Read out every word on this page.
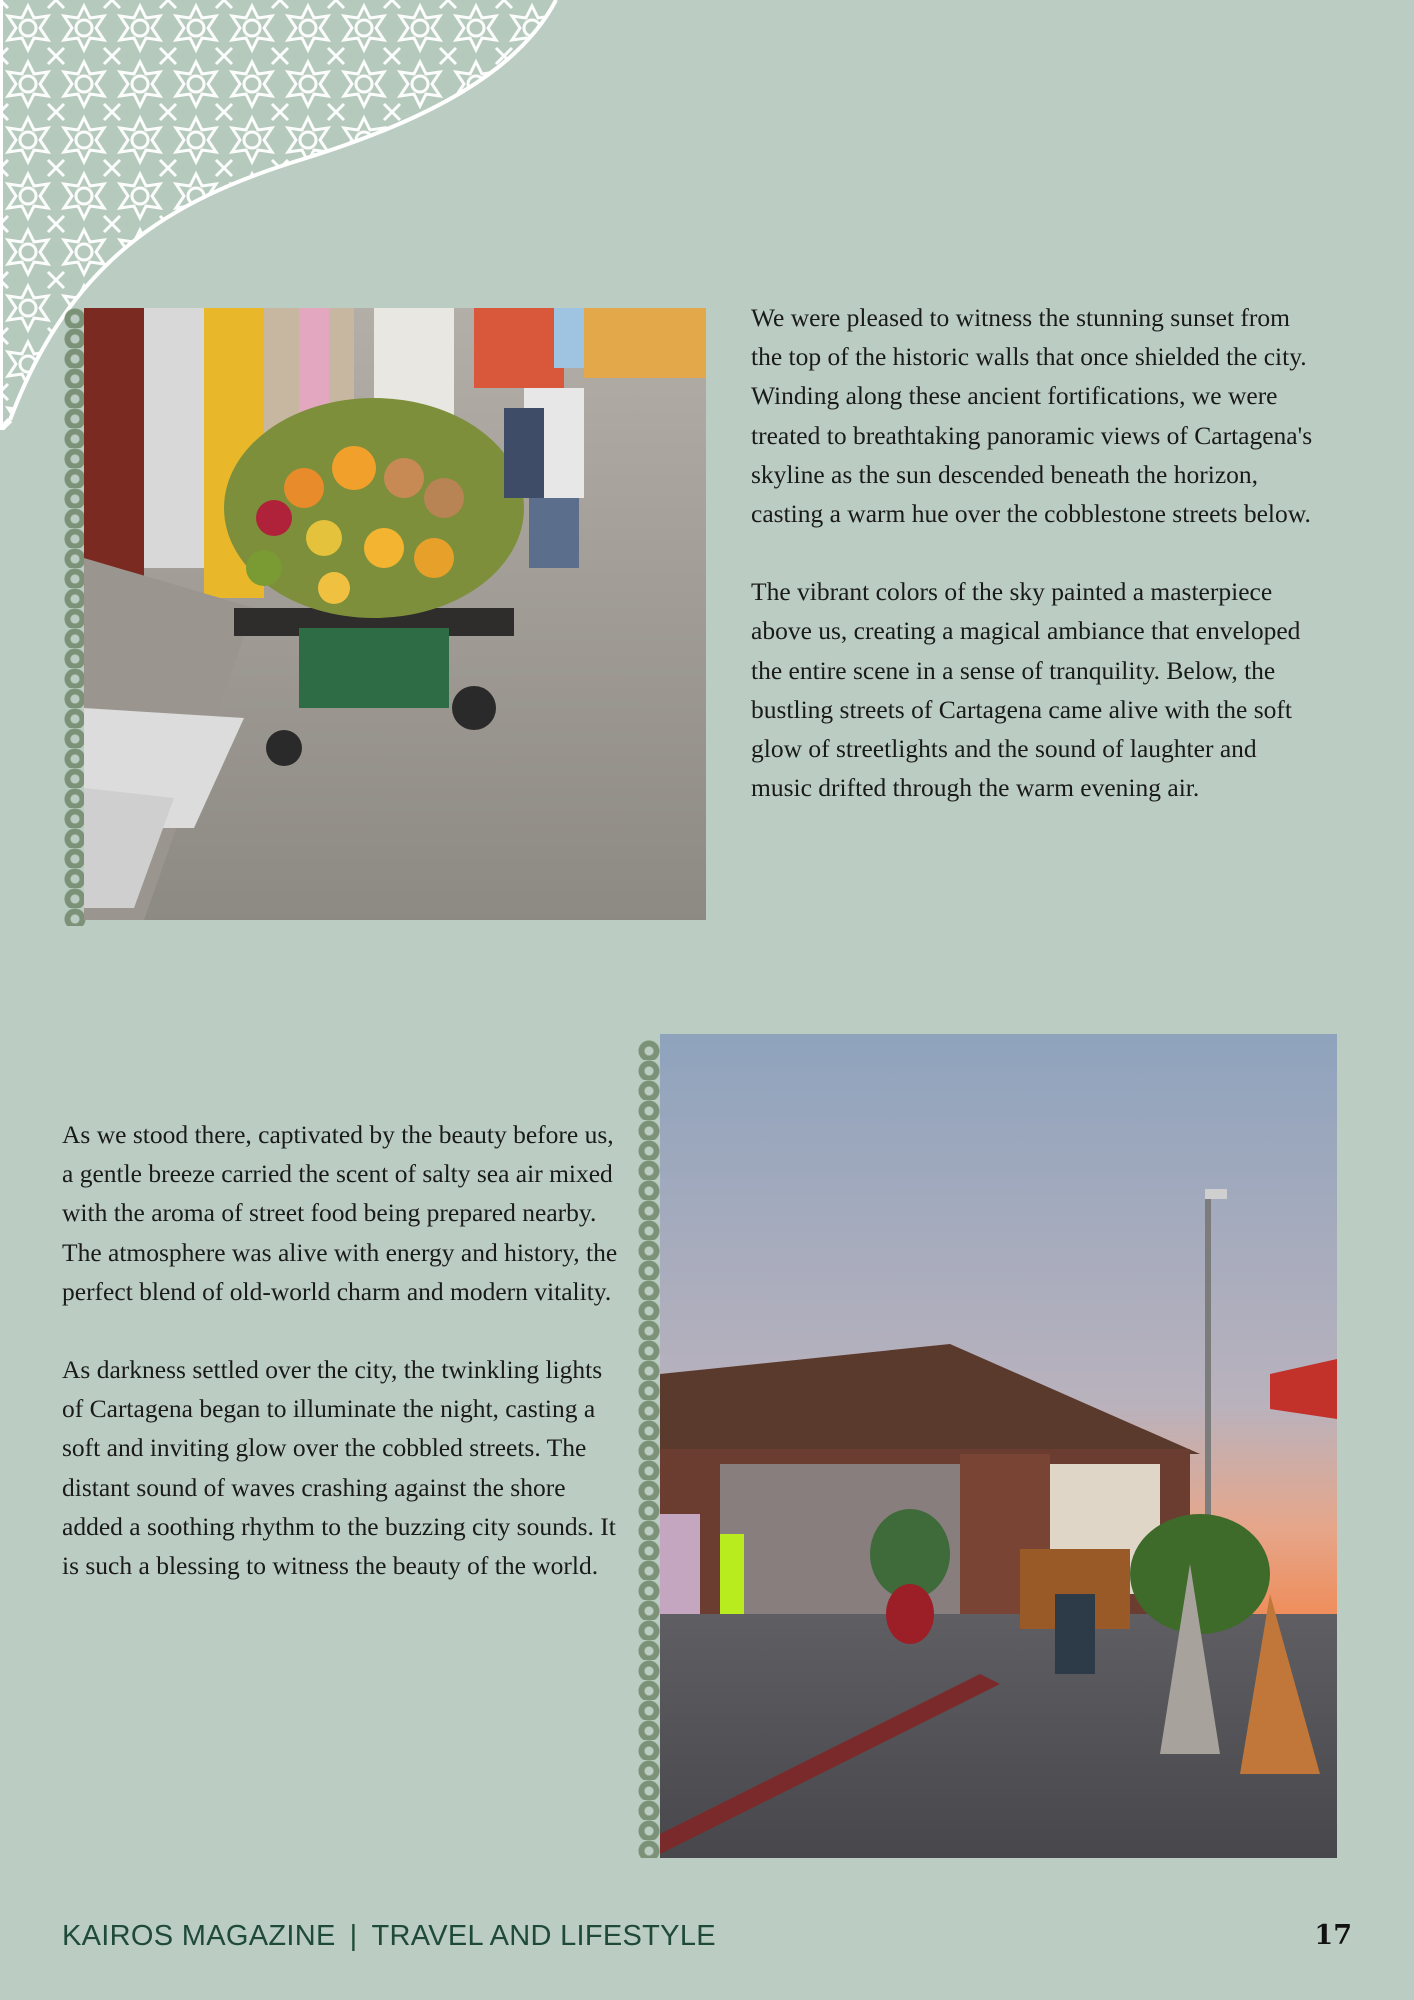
We were pleased to witness the stunning sunset from the top of the historic walls that once shielded the city. Winding along these ancient fortifications, we were treated to breathtaking panoramic views of Cartagena's skyline as the sun descended beneath the horizon, casting a warm hue over the cobblestone streets below.

The vibrant colors of the sky painted a masterpiece above us, creating a magical ambiance that enveloped the entire scene in a sense of tranquility. Below, the bustling streets of Cartagena came alive with the soft glow of streetlights and the sound of laughter and music drifted through the warm evening air.

As we stood there, captivated by the beauty before us, a gentle breeze carried the scent of salty sea air mixed with the aroma of street food being prepared nearby. The atmosphere was alive with energy and history, the perfect blend of old-world charm and modern vitality.

As darkness settled over the city, the twinkling lights of Cartagena began to illuminate the night, casting a soft and inviting glow over the cobbled streets. The distant sound of waves crashing against the shore added a soothing rhythm to the buzzing city sounds. It is such a blessing to witness the beauty of the world.

KAIROS MAGAZINE | TRAVEL AND LIFESTYLE	17
